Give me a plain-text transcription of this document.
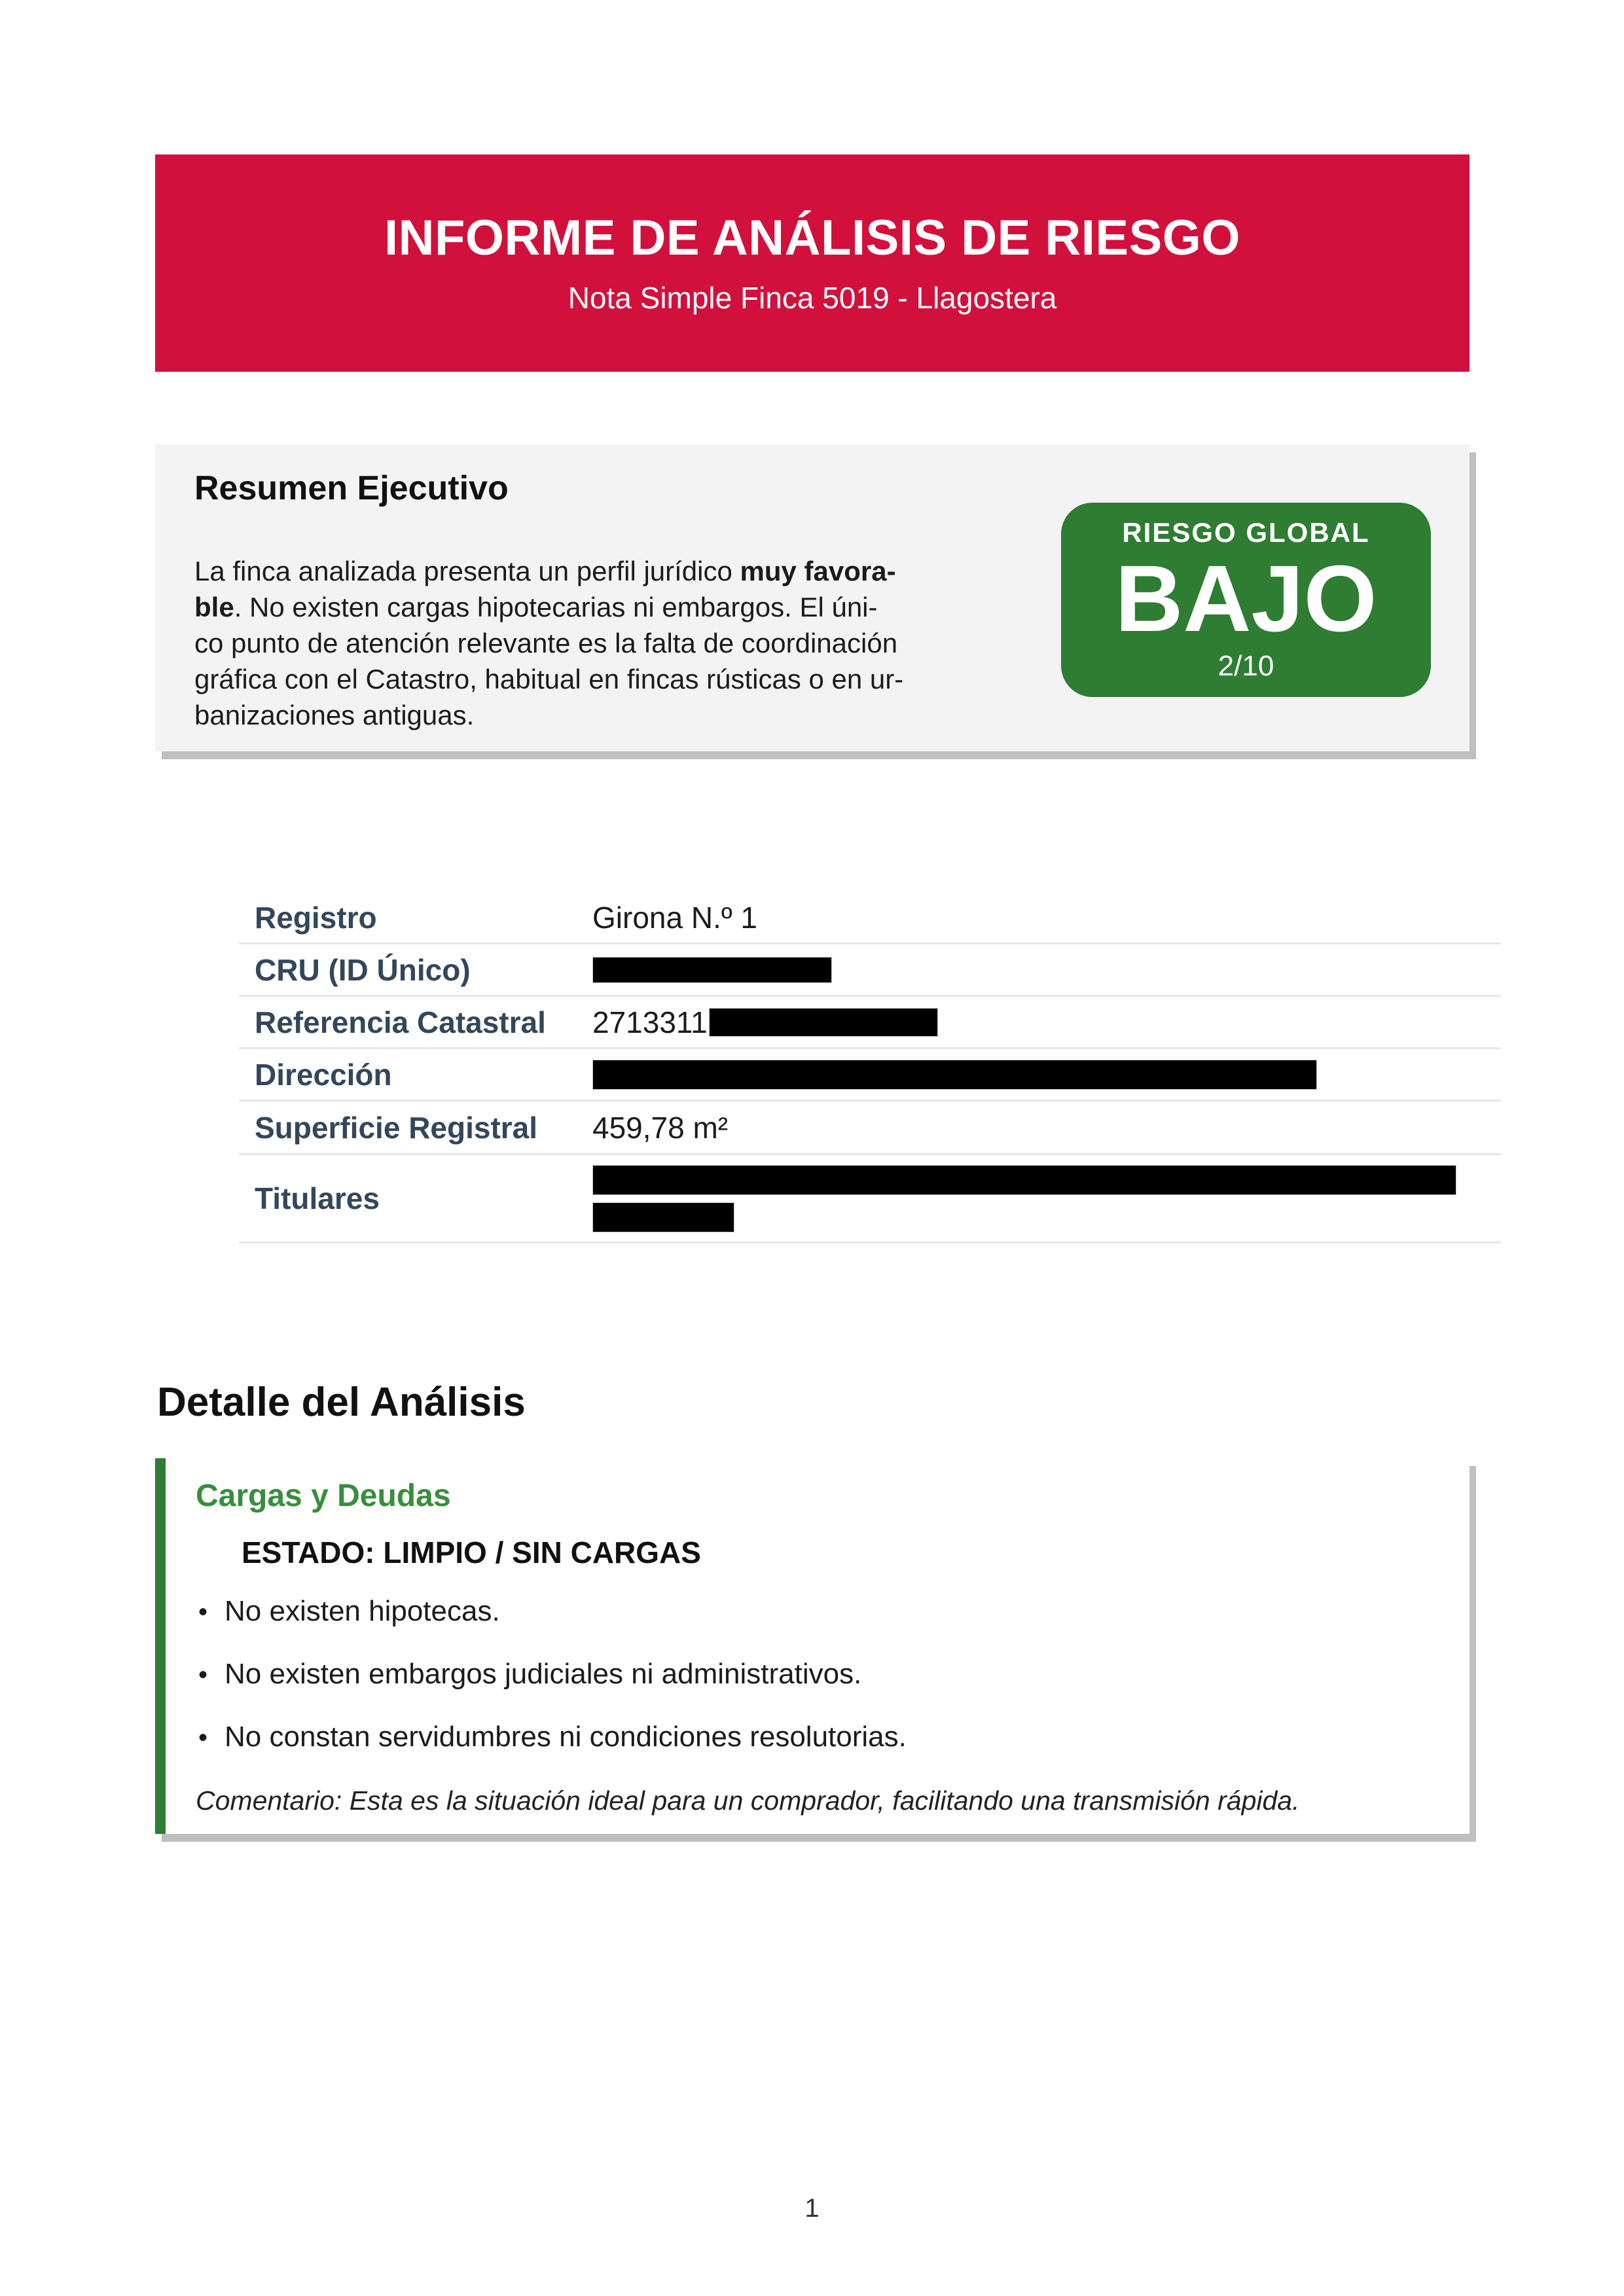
INFORME DE ANÁLISIS DE RIESGO
Nota Simple Finca 5019 - Llagostera
Resumen Ejecutivo
La finca analizada presenta un perfil jurídico muy favora-
ble. No existen cargas hipotecarias ni embargos. El úni-
co punto de atención relevante es la falta de coordinación
gráfica con el Catastro, habitual en fincas rústicas o en ur-
banizaciones antiguas.
RIESGO GLOBAL
BAJO
2/10
Registro	Girona N.º 1
CRU (ID Único)
Referencia Catastral	2713311
Dirección
Superficie Registral	459,78 m²
Titulares
Detalle del Análisis
Cargas y Deudas
ESTADO: LIMPIO / SIN CARGAS
• No existen hipotecas.
• No existen embargos judiciales ni administrativos.
• No constan servidumbres ni condiciones resolutorias.
Comentario: Esta es la situación ideal para un comprador, facilitando una transmisión rápida.
1
